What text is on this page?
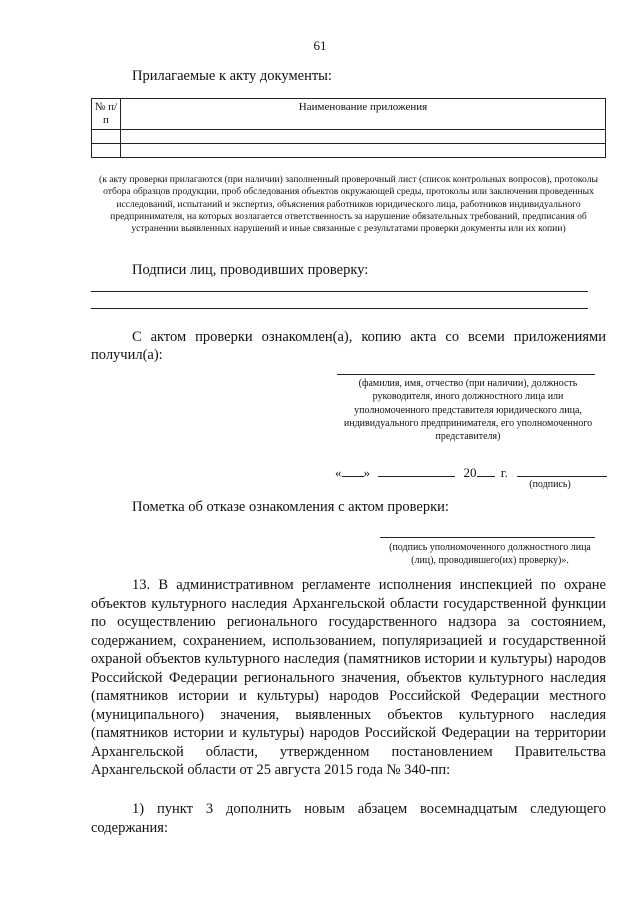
61
Прилагаемые к акту документы:
№ п/п	Наименование приложения

(к акту проверки прилагаются (при наличии) заполненный проверочный лист (список контрольных вопросов), протоколы отбора образцов продукции, проб обследования объектов окружающей среды, протоколы или заключения проведенных исследований, испытаний и экспертиз, объяснения работников юридического лица, работников индивидуального предпринимателя, на которых возлагается ответственность за нарушение обязательных требований, предписания об устранении выявленных нарушений и иные связанные с результатами проверки документы или их копии)
Подписи лиц, проводивших проверку:
С актом проверки ознакомлен(а), копию акта со всеми приложениями получил(а):
(фамилия, имя, отчество (при наличии), должность руководителя, иного должностного лица или уполномоченного представителя юридического лица, индивидуального предпринимателя, его уполномоченного представителя)
« »	20 г.
(подпись)
Пометка об отказе ознакомления с актом проверки:
(подпись уполномоченного должностного лица (лиц), проводившего(их) проверку)».
13. В административном регламенте исполнения инспекцией по охране объектов культурного наследия Архангельской области государственной функции по осуществлению регионального государственного надзора за состоянием, содержанием, сохранением, использованием, популяризацией и государственной охраной объектов культурного наследия (памятников истории и культуры) народов Российской Федерации регионального значения, объектов культурного наследия (памятников истории и культуры) народов Российской Федерации местного (муниципального) значения, выявленных объектов культурного наследия (памятников истории и культуры) народов Российской Федерации на территории Архангельской области, утвержденном постановлением Правительства Архангельской области от 25 августа 2015 года № 340-пп:
1) пункт 3 дополнить новым абзацем восемнадцатым следующего содержания:
